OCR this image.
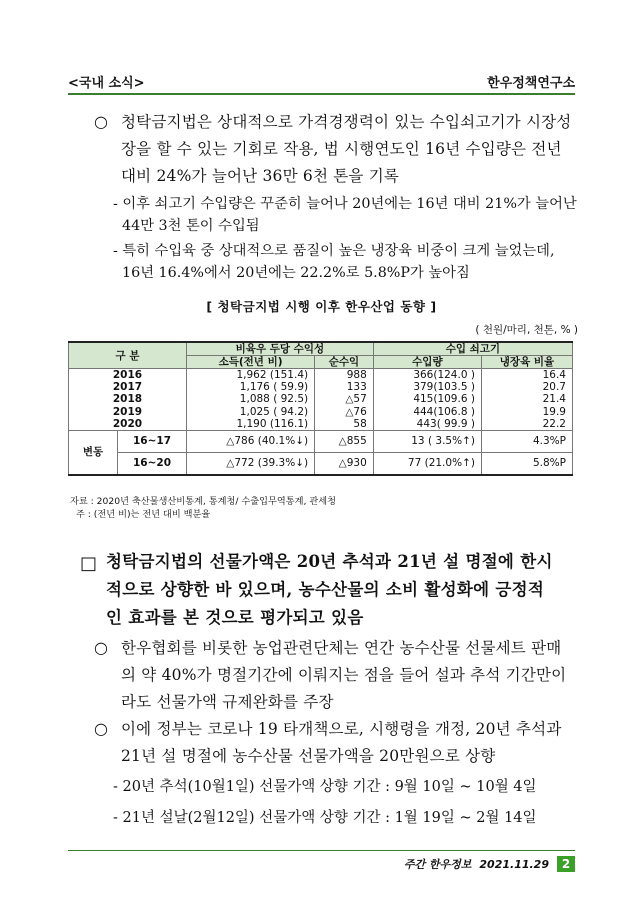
<국내 소식>	한우정책연구소
○ 청탁금지법은 상대적으로 가격경쟁력이 있는 수입쇠고기가 시장성
장을 할 수 있는 기회로 작용, 법 시행연도인 16년 수입량은 전년
대비 24%가 늘어난 36만 6천 톤을 기록
- 이후 쇠고기 수입량은 꾸준히 늘어나 20년에는 16년 대비 21%가 늘어난
44만 3천 톤이 수입됨
- 특히 수입육 중 상대적으로 품질이 높은 냉장육 비중이 크게 늘었는데,
16년 16.4%에서 20년에는 22.2%로 5.8%P가 높아짐
[ 청탁금지법 시행 이후 한우산업 동향 ]
( 천원/마리, 천톤, % )
구 분		비육우 두당 수익성		수입 쇠고기	
		소득(전년 비)	순수익	수입량	냉장육 비율
2016		1,962 (151.4)	988	366(124.0 )	16.4
2017		1,176 ( 59.9)	133	379(103.5 )	20.7
2018		1,088 ( 92.5)	△57	415(109.6 )	21.4
2019		1,025 ( 94.2)	△76	444(106.8 )	19.9
2020		1,190 (116.1)	58	443( 99.9 )	22.2
변동	16~17	△786 (40.1%↓)	△855	13 ( 3.5%↑)	4.3%P
	16~20	△772 (39.3%↓)	△930	77 (21.0%↑)	5.8%P
자료 : 2020년 축산물생산비통계, 통계청/ 수출입무역통계, 관세청
주 : (전년 비)는 전년 대비 백분율
□ 청탁금지법의 선물가액은 20년 추석과 21년 설 명절에 한시
적으로 상향한 바 있으며, 농수산물의 소비 활성화에 긍정적
인 효과를 본 것으로 평가되고 있음
○ 한우협회를 비롯한 농업관련단체는 연간 농수산물 선물세트 판매
의 약 40%가 명절기간에 이뤄지는 점을 들어 설과 추석 기간만이
라도 선물가액 규제완화를 주장
○ 이에 정부는 코로나 19 타개책으로, 시행령을 개정, 20년 추석과
21년 설 명절에 농수산물 선물가액을 20만원으로 상향
- 20년 추석(10월1일) 선물가액 상향 기간 : 9월 10일 ~ 10월 4일
- 21년 설날(2월12일) 선물가액 상향 기간 : 1월 19일 ~ 2월 14일
주간 한우정보 2021.11.29	2
